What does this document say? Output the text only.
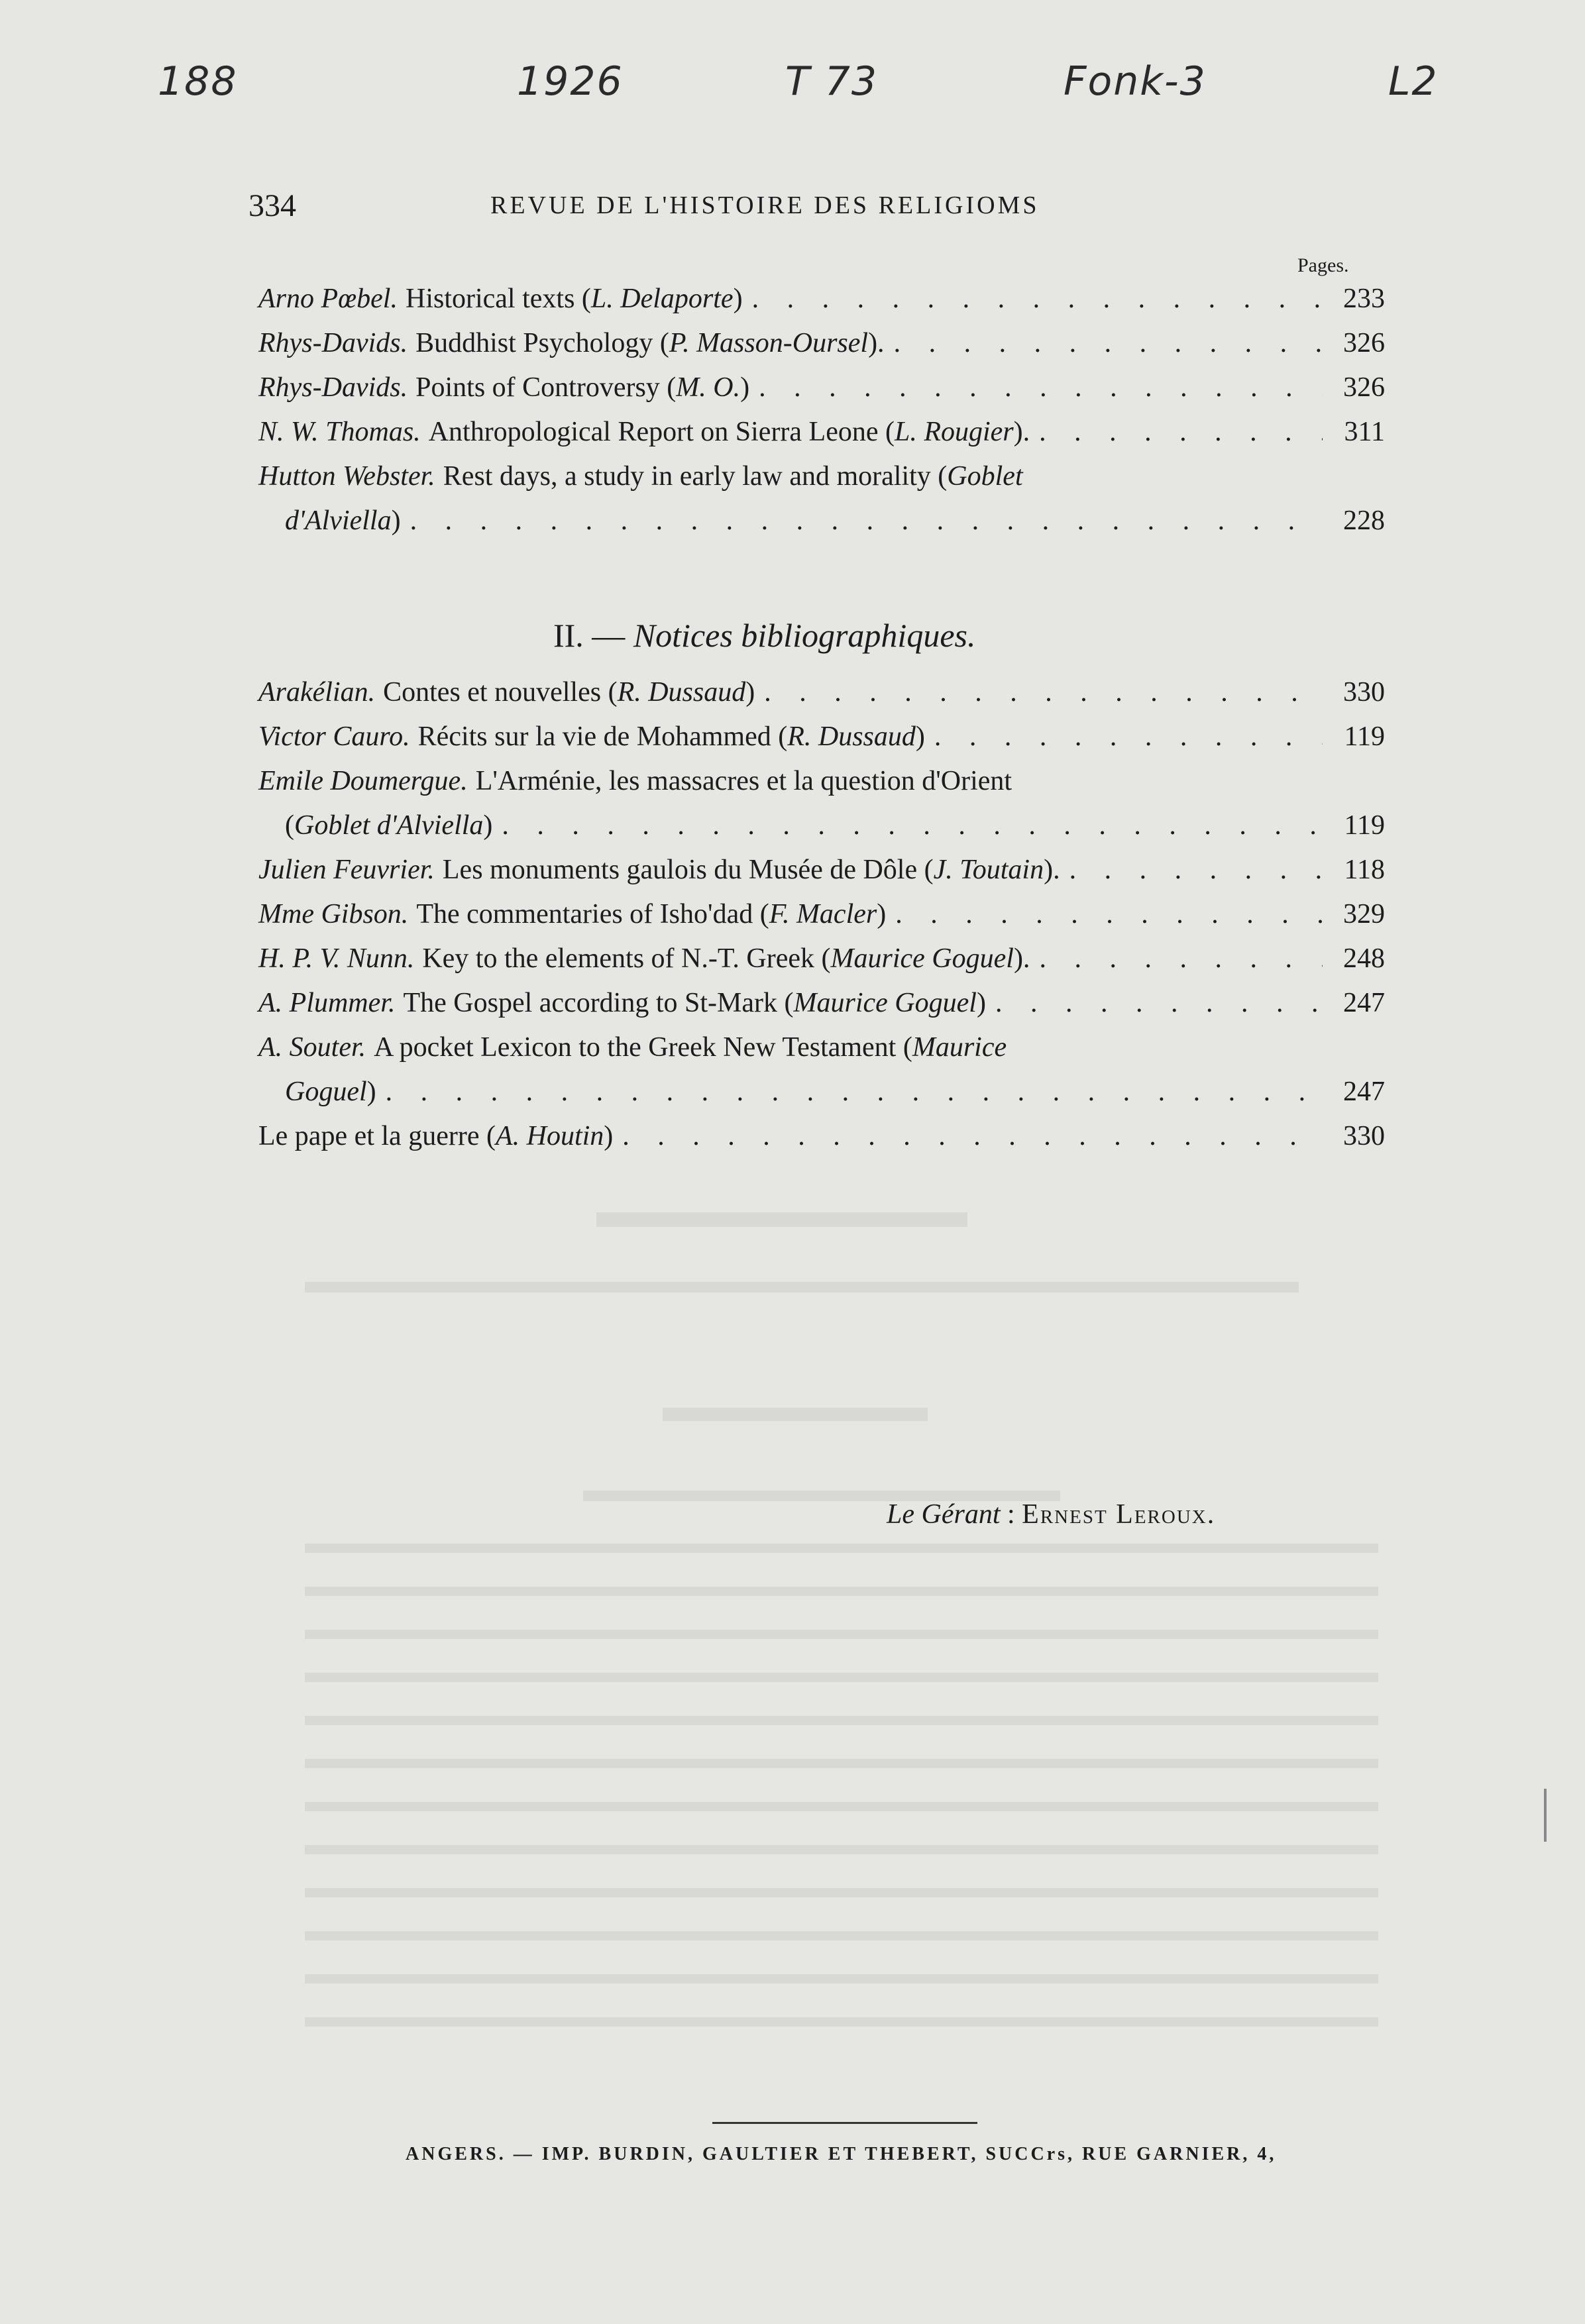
188	1926	T 73	Fonk-3	L2
334	REVUE DE L'HISTOIRE DES RELIGIOMS
Pages.
Arno Pœbel. Historical texts ( L. Delaporte ) . . .	233
Rhys-Davids. Buddhist Psychology ( P. Masson-Oursel ). . . .	326
Rhys-Davids. Points of Controversy ( M. O. ) . . .	326
N. W. Thomas. Anthropological Report on Sierra Leone ( L. Rougier ). . . .	311
Hutton Webster. Rest days, a study in early law and morality (Goblet
d'Alviella ) . . .	228
II. — Notices bibliographiques.
Arakélian. Contes et nouvelles ( R. Dussaud ) . . .	330
Victor Cauro. Récits sur la vie de Mohammed ( R. Dussaud ) . . .	119
Emile Doumergue. L'Arménie, les massacres et la question d'Orient
( Goblet d'Alviella ) . . .	119
Julien Feuvrier. Les monuments gaulois du Musée de Dôle ( J. Toutain ). . . .	118
Mme Gibson. The commentaries of Isho'dad ( F. Macler ) . . .	329
H. P. V. Nunn. Key to the elements of N.-T. Greek ( Maurice Goguel ). . . .	248
A. Plummer. The Gospel according to St-Mark ( Maurice Goguel ) . . .	247
A. Souter. A pocket Lexicon to the Greek New Testament (Maurice
Goguel ) . . .	247
Le pape et la guerre ( A. Houtin ) . . .	330
Le Gérant : Ernest Leroux.
ANGERS. — IMP. BURDIN, GAULTIER ET THEBERT, SUCCrs, RUE GARNIER, 4,
